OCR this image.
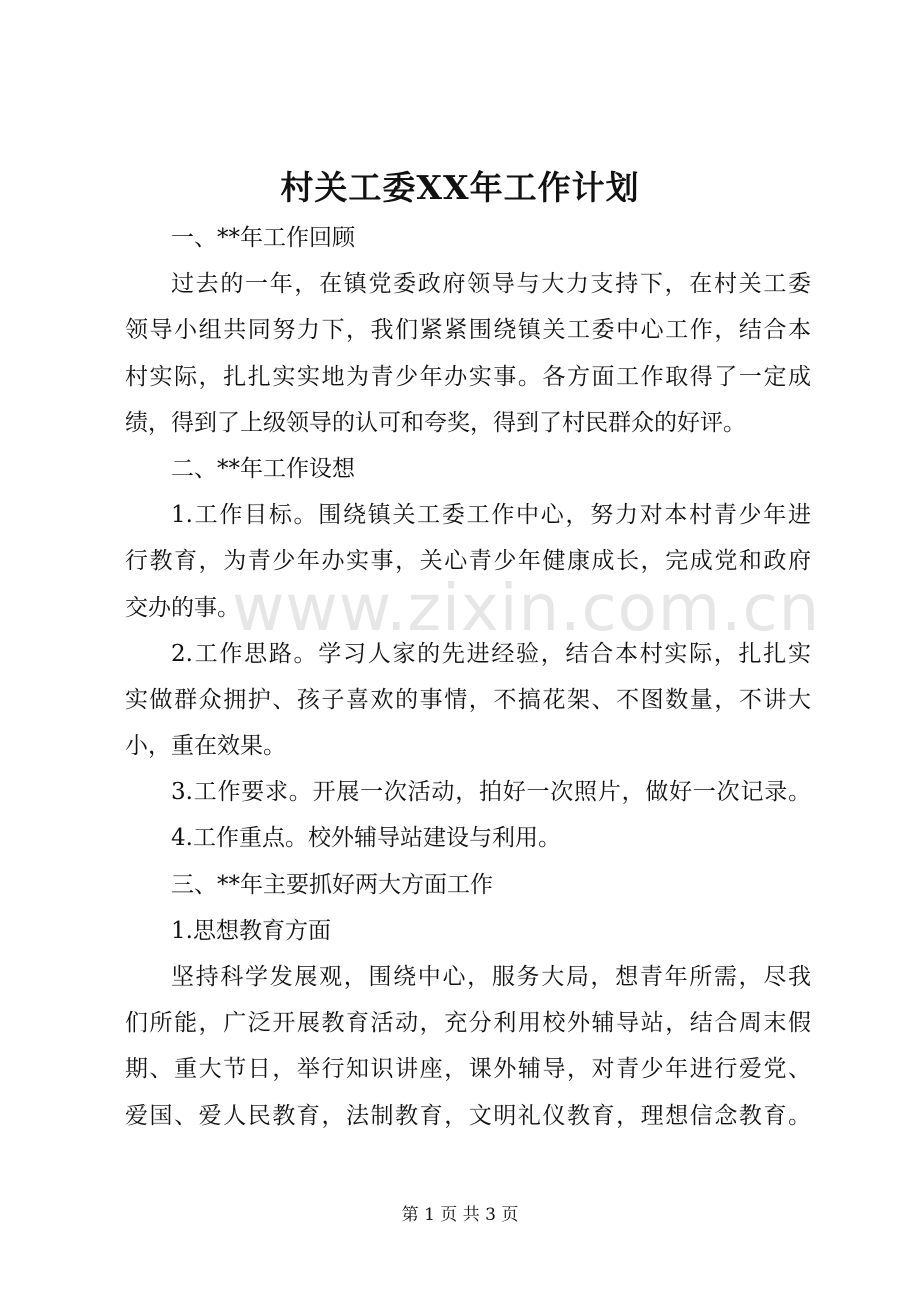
www.zixin.com.cn
村关工委XX年工作计划
一、**年工作回顾
过去的一年，在镇党委政府领导与大力支持下，在村关工委
领导小组共同努力下，我们紧紧围绕镇关工委中心工作，结合本
村实际，扎扎实实地为青少年办实事。各方面工作取得了一定成
绩，得到了上级领导的认可和夸奖，得到了村民群众的好评。
二、**年工作设想
1.工作目标。围绕镇关工委工作中心，努力对本村青少年进
行教育，为青少年办实事，关心青少年健康成长，完成党和政府
交办的事。
2.工作思路。学习人家的先进经验，结合本村实际，扎扎实
实做群众拥护、孩子喜欢的事情，不搞花架、不图数量，不讲大
小，重在效果。
3.工作要求。开展一次活动，拍好一次照片，做好一次记录。
4.工作重点。校外辅导站建设与利用。
三、**年主要抓好两大方面工作
1.思想教育方面
坚持科学发展观，围绕中心，服务大局，想青年所需，尽我
们所能，广泛开展教育活动，充分利用校外辅导站，结合周末假
期、重大节日，举行知识讲座，课外辅导，对青少年进行爱党、
爱国、爱人民教育，法制教育，文明礼仪教育，理想信念教育。
第 1 页 共 3 页
